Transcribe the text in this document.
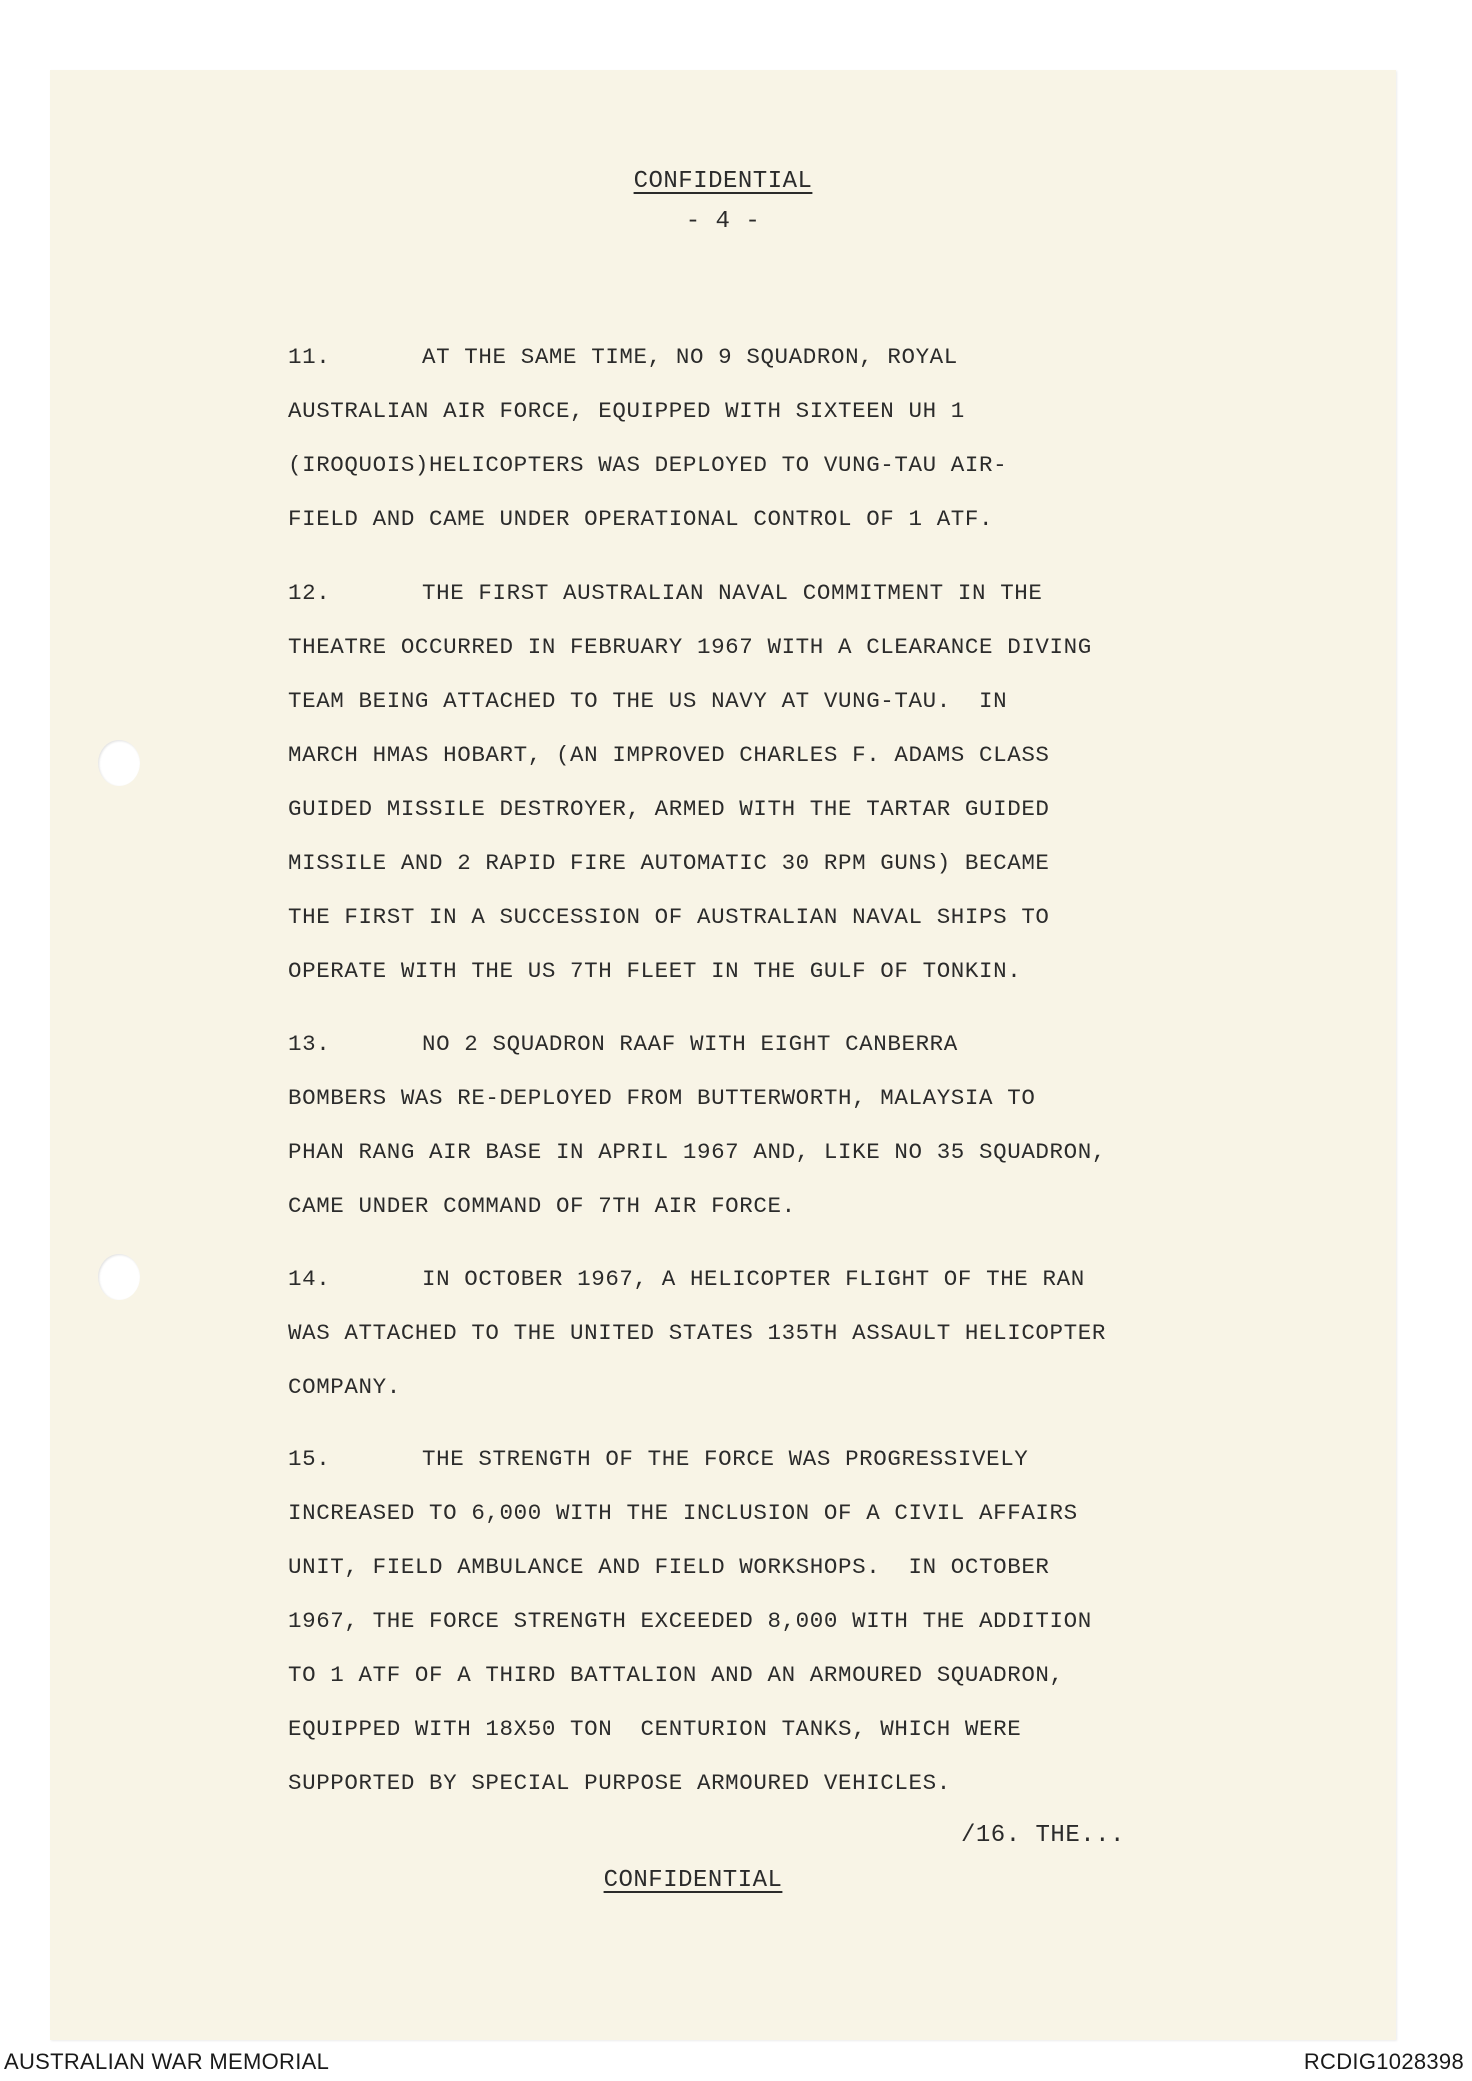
CONFIDENTIAL
- 4 -
11.	AT THE SAME TIME, NO 9 SQUADRON, ROYAL
AUSTRALIAN AIR FORCE, EQUIPPED WITH SIXTEEN UH 1
(IROQUOIS)HELICOPTERS WAS DEPLOYED TO VUNG-TAU AIR-
FIELD AND CAME UNDER OPERATIONAL CONTROL OF 1 ATF.
12.	THE FIRST AUSTRALIAN NAVAL COMMITMENT IN THE
THEATRE OCCURRED IN FEBRUARY 1967 WITH A CLEARANCE DIVING
TEAM BEING ATTACHED TO THE US NAVY AT VUNG-TAU.  IN
MARCH HMAS HOBART, (AN IMPROVED CHARLES F. ADAMS CLASS
GUIDED MISSILE DESTROYER, ARMED WITH THE TARTAR GUIDED
MISSILE AND 2 RAPID FIRE AUTOMATIC 30 RPM GUNS) BECAME
THE FIRST IN A SUCCESSION OF AUSTRALIAN NAVAL SHIPS TO
OPERATE WITH THE US 7TH FLEET IN THE GULF OF TONKIN.
13.	NO 2 SQUADRON RAAF WITH EIGHT CANBERRA
BOMBERS WAS RE-DEPLOYED FROM BUTTERWORTH, MALAYSIA TO
PHAN RANG AIR BASE IN APRIL 1967 AND, LIKE NO 35 SQUADRON,
CAME UNDER COMMAND OF 7TH AIR FORCE.
14.	IN OCTOBER 1967, A HELICOPTER FLIGHT OF THE RAN
WAS ATTACHED TO THE UNITED STATES 135TH ASSAULT HELICOPTER
COMPANY.
15.	THE STRENGTH OF THE FORCE WAS PROGRESSIVELY
INCREASED TO 6,000 WITH THE INCLUSION OF A CIVIL AFFAIRS
UNIT, FIELD AMBULANCE AND FIELD WORKSHOPS.  IN OCTOBER
1967, THE FORCE STRENGTH EXCEEDED 8,000 WITH THE ADDITION
TO 1 ATF OF A THIRD BATTALION AND AN ARMOURED SQUADRON,
EQUIPPED WITH 18X50 TON  CENTURION TANKS, WHICH WERE
SUPPORTED BY SPECIAL PURPOSE ARMOURED VEHICLES.
/16. THE...
CONFIDENTIAL
AUSTRALIAN WAR MEMORIAL	RCDIG1028398
